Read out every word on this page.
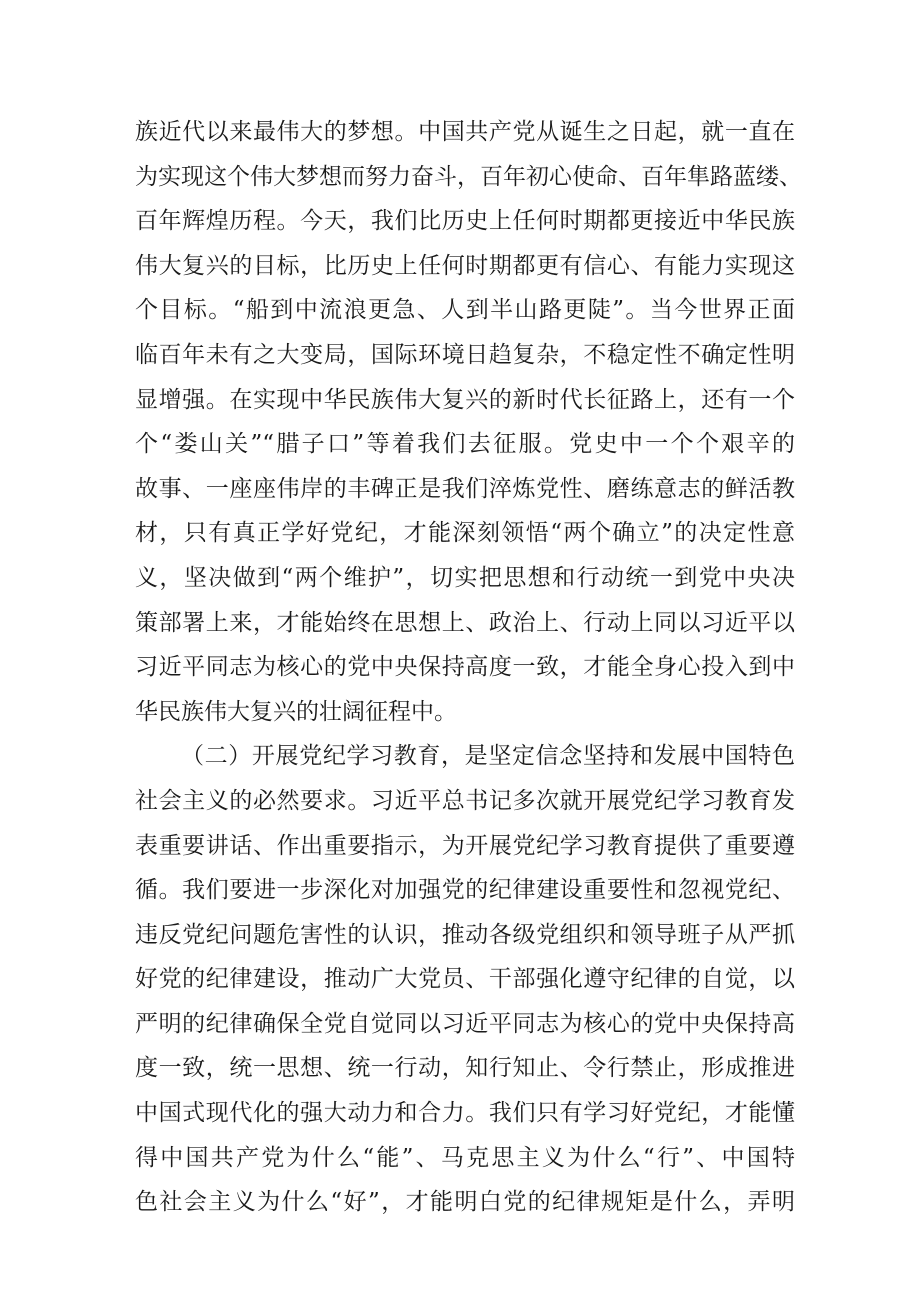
族近代以来最伟大的梦想。中国共产党从诞生之日起，就一直在
为实现这个伟大梦想而努力奋斗，百年初心使命、百年隼路蓝缕、
百年辉煌历程。今天，我们比历史上任何时期都更接近中华民族
伟大复兴的目标，比历史上任何时期都更有信心、有能力实现这
个目标。“船到中流浪更急、人到半山路更陡”。当今世界正面
临百年未有之大变局，国际环境日趋复杂，不稳定性不确定性明
显增强。在实现中华民族伟大复兴的新时代长征路上，还有一个
个“娄山关”“腊子口”等着我们去征服。党史中一个个艰辛的
故事、一座座伟岸的丰碑正是我们淬炼党性、磨练意志的鲜活教
材，只有真正学好党纪，才能深刻领悟“两个确立”的决定性意
义，坚决做到“两个维护”，切实把思想和行动统一到党中央决
策部署上来，才能始终在思想上、政治上、行动上同以习近平以
习近平同志为核心的党中央保持高度一致，才能全身心投入到中
华民族伟大复兴的壮阔征程中。
（二）开展党纪学习教育，是坚定信念坚持和发展中国特色
社会主义的必然要求。习近平总书记多次就开展党纪学习教育发
表重要讲话、作出重要指示，为开展党纪学习教育提供了重要遵
循。我们要进一步深化对加强党的纪律建设重要性和忽视党纪、
违反党纪问题危害性的认识，推动各级党组织和领导班子从严抓
好党的纪律建设，推动广大党员、干部强化遵守纪律的自觉，以
严明的纪律确保全党自觉同以习近平同志为核心的党中央保持高
度一致，统一思想、统一行动，知行知止、令行禁止，形成推进
中国式现代化的强大动力和合力。我们只有学习好党纪，才能懂
得中国共产党为什么“能”、马克思主义为什么“行”、中国特
色社会主义为什么“好”，才能明白党的纪律规矩是什么，弄明
